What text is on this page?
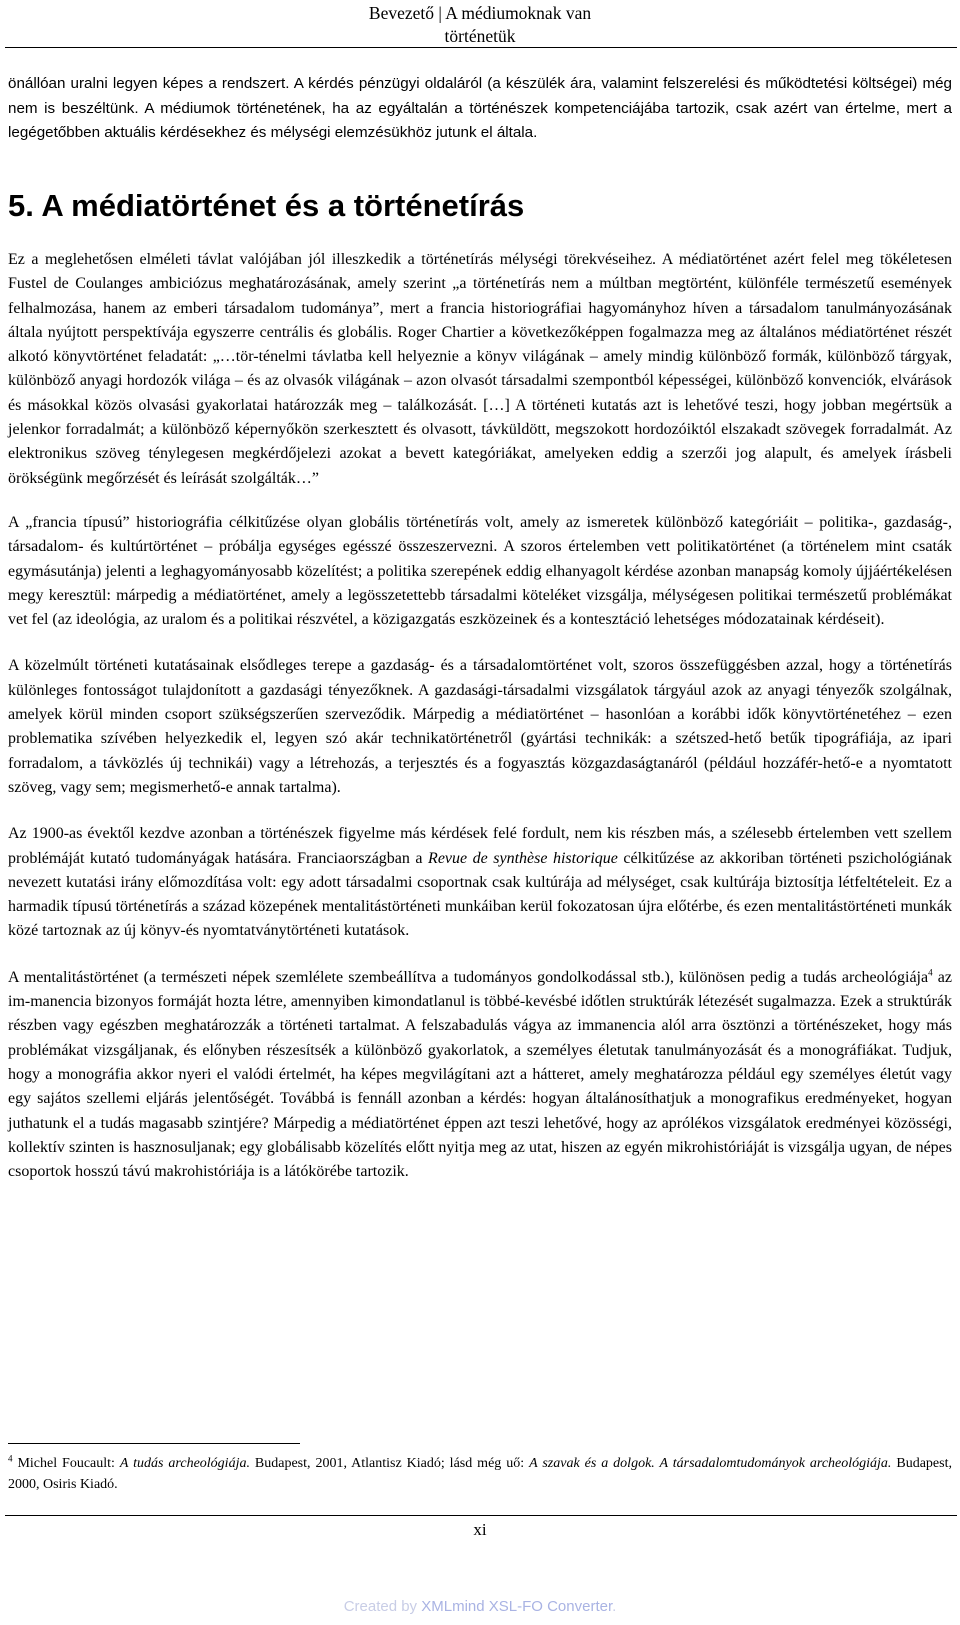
Bevezető | A médiumoknak van
történetük

önállóan uralni legyen képes a rendszert. A kérdés pénzügyi oldaláról (a készülék ára, valamint felszerelési és működtetési költségei) még nem is beszéltünk. A médiumok történetének, ha az egyáltalán a történészek kompetenciájába tartozik, csak azért van értelme, mert a legégetőbben aktuális kérdésekhez és mélységi elemzésükhöz jutunk el általa.

5. A médiatörténet és a történetírás

Ez a meglehetősen elméleti távlat valójában jól illeszkedik a történetírás mélységi törekvéseihez. A médiatörténet azért felel meg tökéletesen Fustel de Coulanges ambiciózus meghatározásának, amely szerint „a történetírás nem a múltban megtörtént, különféle természetű események felhalmozása, hanem az emberi társadalom tudománya”, mert a francia historiográfiai hagyományhoz híven a társadalom tanulmányozásának általa nyújtott perspektívája egyszerre centrális és globális. Roger Chartier a következőképpen fogalmazza meg az általános médiatörténet részét alkotó könyvtörténet feladatát: „…tör-ténelmi távlatba kell helyeznie a könyv világának – amely mindig különböző formák, különböző tárgyak, különböző anyagi hordozók világa – és az olvasók világának – azon olvasót társadalmi szempontból képességei, különböző konvenciók, elvárások és másokkal közös olvasási gyakorlatai határozzák meg – találkozását. […] A történeti kutatás azt is lehetővé teszi, hogy jobban megértsük a jelenkor forradalmát; a különböző képernyőkön szerkesztett és olvasott, távküldött, megszokott hordozóiktól elszakadt szövegek forradalmát. Az elektronikus szöveg ténylegesen megkérdőjelezi azokat a bevett kategóriákat, amelyeken eddig a szerzői jog alapult, és amelyek írásbeli örökségünk megőrzését és leírását szolgálták…”

A „francia típusú” historiográfia célkitűzése olyan globális történetírás volt, amely az ismeretek különböző kategóriáit – politika-, gazdaság-, társadalom- és kultúrtörténet – próbálja egységes egésszé összeszervezni. A szoros értelemben vett politikatörténet (a történelem mint csaták egymásutánja) jelenti a leghagyományosabb közelítést; a politika szerepének eddig elhanyagolt kérdése azonban manapság komoly újjáértékelésen megy keresztül: márpedig a médiatörténet, amely a legösszetettebb társadalmi köteléket vizsgálja, mélységesen politikai természetű problémákat vet fel (az ideológia, az uralom és a politikai részvétel, a közigazgatás eszközeinek és a kontesztáció lehetséges módozatainak kérdéseit).

A közelmúlt történeti kutatásainak elsődleges terepe a gazdaság- és a társadalomtörténet volt, szoros összefüggésben azzal, hogy a történetírás különleges fontosságot tulajdonított a gazdasági tényezőknek. A gazdasági-társadalmi vizsgálatok tárgyául azok az anyagi tényezők szolgálnak, amelyek körül minden csoport szükségszerűen szerveződik. Márpedig a médiatörténet – hasonlóan a korábbi idők könyvtörténetéhez – ezen problematika szívében helyezkedik el, legyen szó akár technikatörténetről (gyártási technikák: a szétszed-hető betűk tipográfiája, az ipari forradalom, a távközlés új technikái) vagy a létrehozás, a terjesztés és a fogyasztás közgazdaságtanáról (például hozzáfér-hető-e a nyomtatott szöveg, vagy sem; megismerhető-e annak tartalma).

Az 1900-as évektől kezdve azonban a történészek figyelme más kérdések felé fordult, nem kis részben más, a szélesebb értelemben vett szellem problémáját kutató tudományágak hatására. Franciaországban a Revue de synthèse historique célkitűzése az akkoriban történeti pszichológiának nevezett kutatási irány előmozdítása volt: egy adott társadalmi csoportnak csak kultúrája ad mélységet, csak kultúrája biztosítja létfeltételeit. Ez a harmadik típusú történetírás a század közepének mentalitástörténeti munkáiban kerül fokozatosan újra előtérbe, és ezen mentalitástörténeti munkák közé tartoznak az új könyv-és nyomtatványtörténeti kutatások.

A mentalitástörténet (a természeti népek szemlélete szembeállítva a tudományos gondolkodással stb.), különösen pedig a tudás archeológiája$^4$ az im-manencia bizonyos formáját hozta létre, amennyiben kimondatlanul is többé-kevésbé időtlen struktúrák létezését sugalmazza. Ezek a struktúrák részben vagy egészben meghatározzák a történeti tartalmat. A felszabadulás vágya az immanencia alól arra ösztönzi a történészeket, hogy más problémákat vizsgáljanak, és előnyben részesítsék a különböző gyakorlatok, a személyes életutak tanulmányozását és a monográfiákat. Tudjuk, hogy a monográfia akkor nyeri el valódi értelmét, ha képes megvilágítani azt a hátteret, amely meghatározza például egy személyes életút vagy egy sajátos szellemi eljárás jelentőségét. Továbbá is fennáll azonban a kérdés: hogyan általánosíthatjuk a monografikus eredményeket, hogyan juthatunk el a tudás magasabb szintjére? Márpedig a médiatörténet éppen azt teszi lehetővé, hogy az aprólékos vizsgálatok eredményei közösségi, kollektív szinten is hasznosuljanak; egy globálisabb közelítés előtt nyitja meg az utat, hiszen az egyén mikrohistóriáját is vizsgálja ugyan, de népes csoportok hosszú távú makrohistóriája is a látókörébe tartozik.

$^4$ Michel Foucault: A tudás archeológiája. Budapest, 2001, Atlantisz Kiadó; lásd még uő: A szavak és a dolgok. A társadalomtudományok archeológiája. Budapest, 2000, Osiris Kiadó.

xi
Created by XMLmind XSL-FO Converter.
